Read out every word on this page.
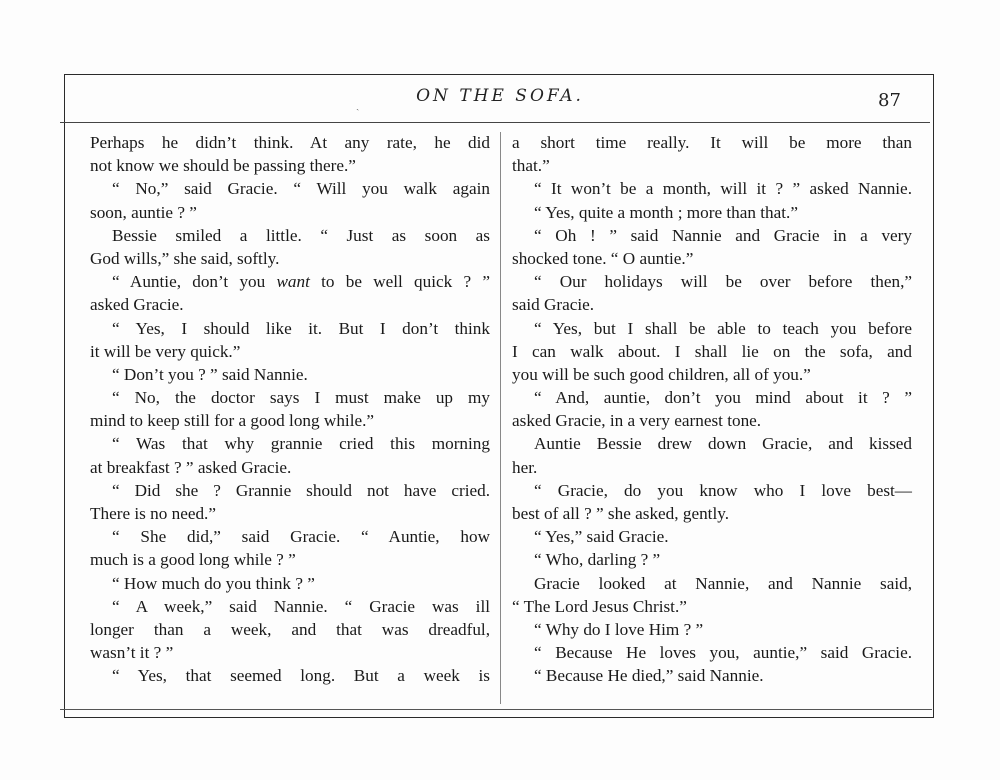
ˏ	ON THE SOFA.	87
Perhaps he didn’t think. At any rate, he did
not know we should be passing there.”
“ No,” said Gracie. “ Will you walk again
soon, auntie ? ”
Bessie smiled a little. “ Just as soon as
God wills,” she said, softly.
“ Auntie, don’t you want to be well quick ? ”
asked Gracie.
“ Yes, I should like it. But I don’t think
it will be very quick.”
“ Don’t you ? ” said Nannie.
“ No, the doctor says I must make up my
mind to keep still for a good long while.”
“ Was that why grannie cried this morning
at breakfast ? ” asked Gracie.
“ Did she ? Grannie should not have cried.
There is no need.”
“ She did,” said Gracie. “ Auntie, how
much is a good long while ? ”
“ How much do you think ? ”
“ A week,” said Nannie. “ Gracie was ill
longer than a week, and that was dreadful,
wasn’t it ? ”
“ Yes, that seemed long. But a week is
a short time really. It will be more than
that.”
“ It won’t be a month, will it ? ” asked Nannie.
“ Yes, quite a month ; more than that.”
“ Oh ! ” said Nannie and Gracie in a very
shocked tone. “ O auntie.”
“ Our holidays will be over before then,”
said Gracie.
“ Yes, but I shall be able to teach you before
I can walk about. I shall lie on the sofa, and
you will be such good children, all of you.”
“ And, auntie, don’t you mind about it ? ”
asked Gracie, in a very earnest tone.
Auntie Bessie drew down Gracie, and kissed
her.
“ Gracie, do you know who I love best—
best of all ? ” she asked, gently.
“ Yes,” said Gracie.
“ Who, darling ? ”
Gracie looked at Nannie, and Nannie said,
“ The Lord Jesus Christ.”
“ Why do I love Him ? ”
“ Because He loves you, auntie,” said Gracie.
“ Because He died,” said Nannie.
